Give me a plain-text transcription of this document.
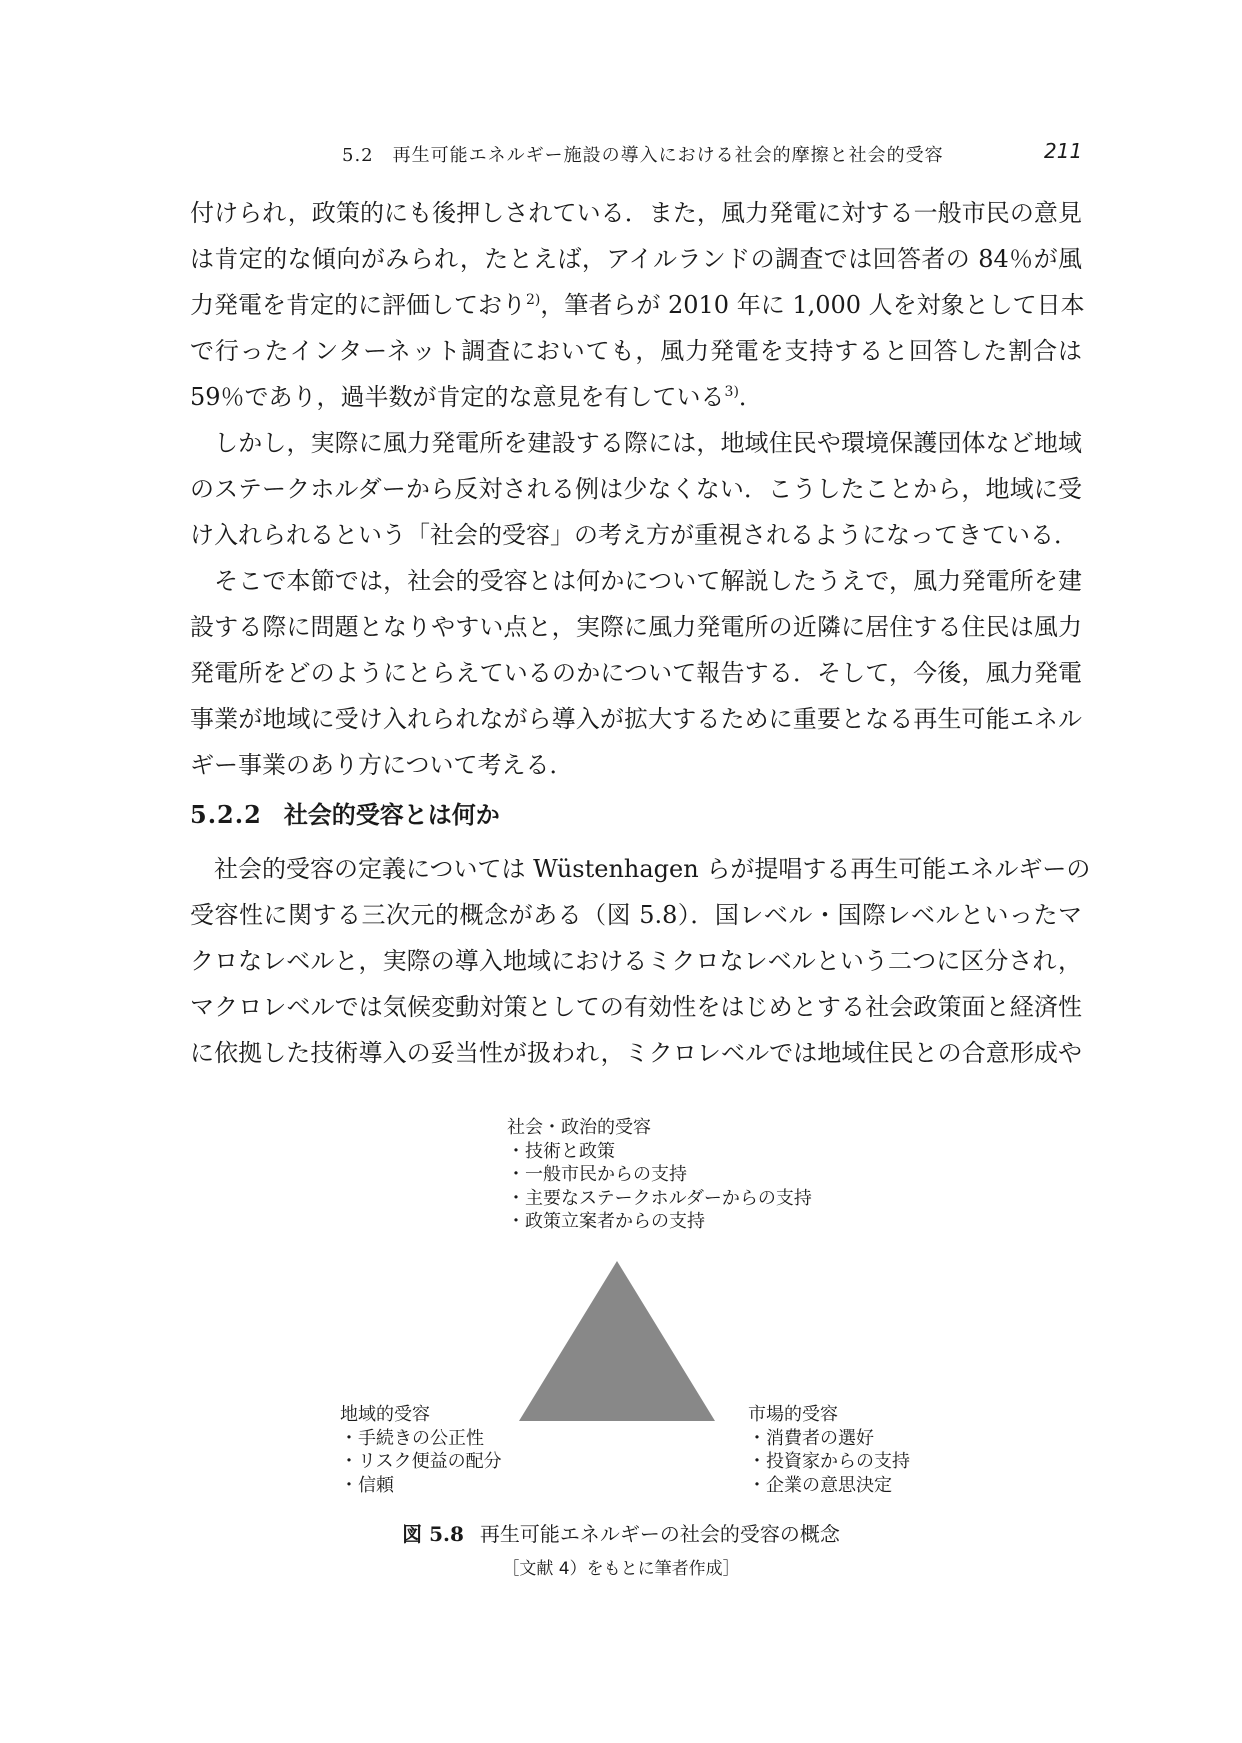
5.2　再生可能エネルギー施設の導入における社会的摩擦と社会的受容	211
付けられ，政策的にも後押しされている．また，風力発電に対する一般市民の意見
は肯定的な傾向がみられ，たとえば，アイルランドの調査では回答者の 84％が風
力発電を肯定的に評価しており$^{2)}$，筆者らが 2010 年に 1,000 人を対象として日本
で行ったインターネット調査においても，風力発電を支持すると回答した割合は
59％であり，過半数が肯定的な意見を有している$^{3)}$．
しかし，実際に風力発電所を建設する際には，地域住民や環境保護団体など地域
のステークホルダーから反対される例は少なくない．こうしたことから，地域に受
け入れられるという「社会的受容」の考え方が重視されるようになってきている．
そこで本節では，社会的受容とは何かについて解説したうえで，風力発電所を建
設する際に問題となりやすい点と，実際に風力発電所の近隣に居住する住民は風力
発電所をどのようにとらえているのかについて報告する．そして，今後，風力発電
事業が地域に受け入れられながら導入が拡大するために重要となる再生可能エネル
ギー事業のあり方について考える．
5.2.2 社会的受容とは何か
社会的受容の定義については Wüstenhagen らが提唱する再生可能エネルギーの
受容性に関する三次元的概念がある（図 5.8）．国レベル・国際レベルといったマ
クロなレベルと，実際の導入地域におけるミクロなレベルという二つに区分され，
マクロレベルでは気候変動対策としての有効性をはじめとする社会政策面と経済性
に依拠した技術導入の妥当性が扱われ，ミクロレベルでは地域住民との合意形成や
社会・政治的受容
・技術と政策
・一般市民からの支持
・主要なステークホルダーからの支持
・政策立案者からの支持
地域的受容
・手続きの公正性
・リスク便益の配分
・信頼
市場的受容
・消費者の選好
・投資家からの支持
・企業の意思決定
図 5.8 再生可能エネルギーの社会的受容の概念
［文献 4）をもとに筆者作成］
